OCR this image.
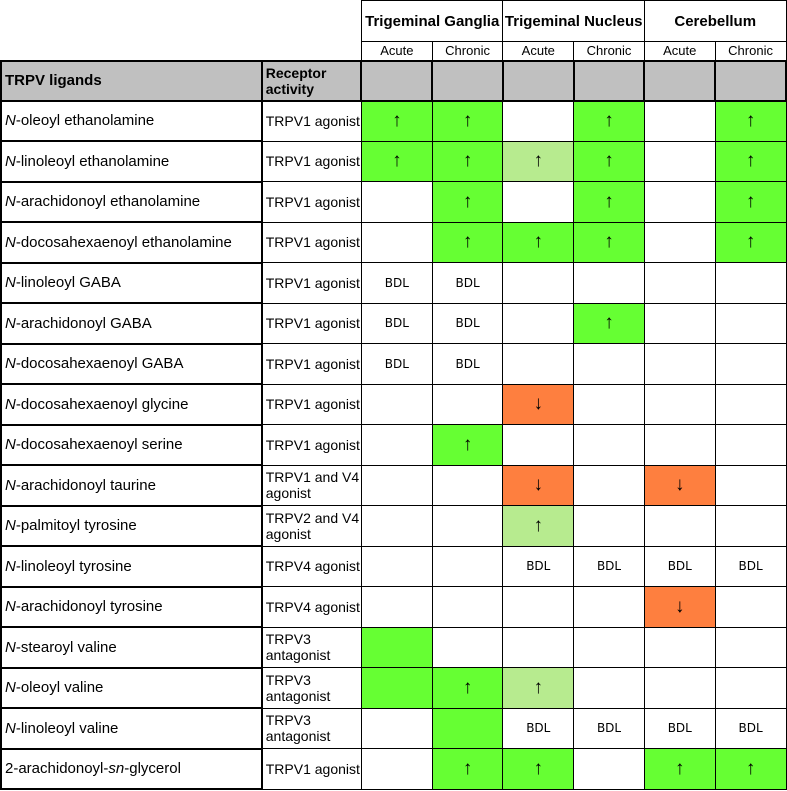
		Trigeminal Ganglia		Trigeminal Nucleus		Cerebellum	
		Acute	Chronic	Acute	Chronic	Acute	Chronic
TRPV ligands	Receptor activity						
N-oleoyl ethanolamine	TRPV1 agonist	↑	↑		↑		↑
N-linoleoyl ethanolamine	TRPV1 agonist	↑	↑	↑	↑		↑
N-arachidonoyl ethanolamine	TRPV1 agonist		↑		↑		↑
N-docosahexaenoyl ethanolamine	TRPV1 agonist		↑	↑	↑		↑
N-linoleoyl GABA	TRPV1 agonist	BDL	BDL				
N-arachidonoyl GABA	TRPV1 agonist	BDL	BDL		↑		
N-docosahexaenoyl GABA	TRPV1 agonist	BDL	BDL				
N-docosahexaenoyl glycine	TRPV1 agonist			↓			
N-docosahexaenoyl serine	TRPV1 agonist		↑				
N-arachidonoyl taurine	TRPV1 and V4 agonist			↓		↓	
N-palmitoyl tyrosine	TRPV2 and V4 agonist			↑			
N-linoleoyl tyrosine	TRPV4 agonist			BDL	BDL	BDL	BDL
N-arachidonoyl tyrosine	TRPV4 agonist					↓	
N-stearoyl valine	TRPV3 antagonist						
N-oleoyl valine	TRPV3 antagonist		↑	↑			
N-linoleoyl valine	TRPV3 antagonist			BDL	BDL	BDL	BDL
2-arachidonoyl-sn-glycerol	TRPV1 agonist		↑	↑		↑	↑
